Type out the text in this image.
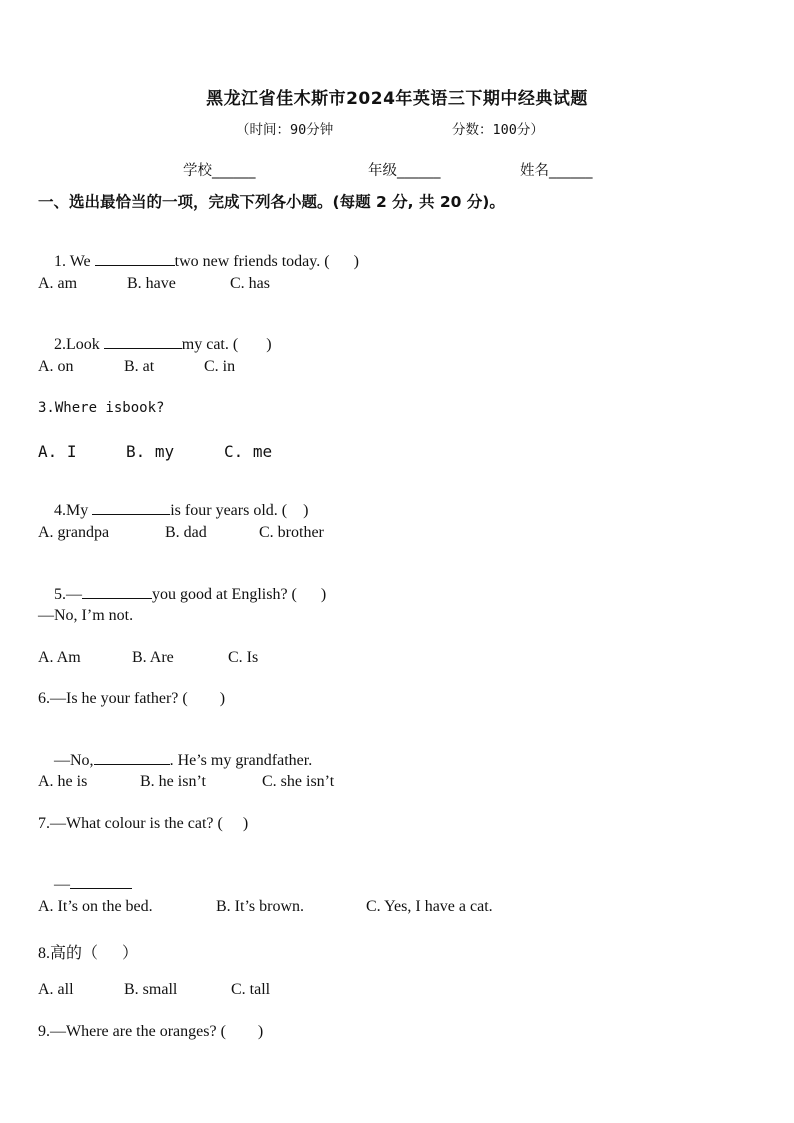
黑龙江省佳木斯市2024年英语三下期中经典试题
（时间：90分钟	分数：100分）
学校______	年级______	姓名______
一、选出最恰当的一项，完成下列各小题。(每题 2 分, 共 20 分)。

1. We	two new friends today. (      )

A. am	B. have	C. has

2.Look	my cat. (       )

A. on	B. at	C. in
3.Where isbook?
A. I	B. my	C. me

4.My	is four years old. (    )

A. grandpa	B. dad	C. brother

5.—	you good at English? (      )

—No, I’m not.
A. Am	B. Are	C. Is
6.—Is he your father? (        )

—No,	. He’s my grandfather.

A. he is	B. he isn’t	C. she isn’t
7.—What colour is the cat? (     )

—

A. It’s on the bed.	B. It’s brown.	C. Yes, I have a cat.
8.高的（      ）
A. all	B. small	C. tall
9.—Where are the oranges? (        )
